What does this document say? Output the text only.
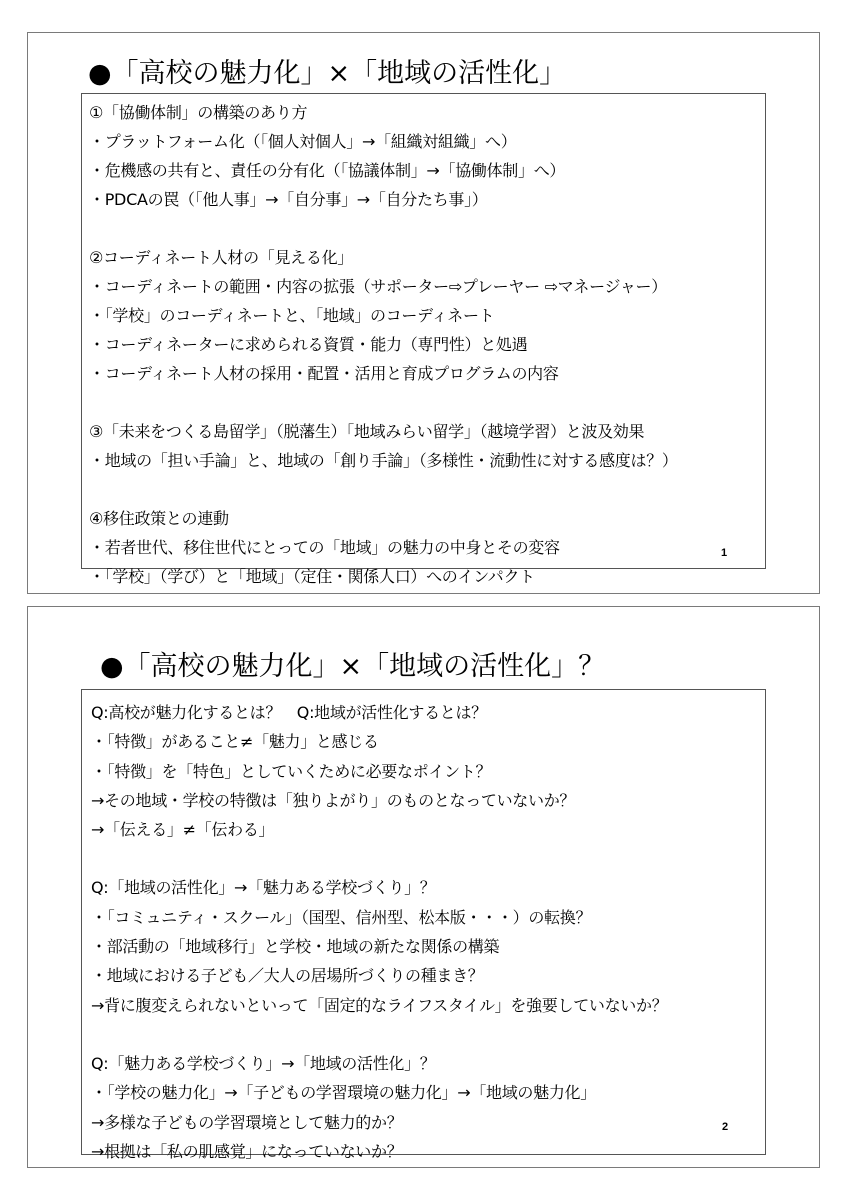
●「高校の魅力化」×「地域の活性化」
①「協働体制」の構築のあり方
・プラットフォーム化（「個人対個人」→「組織対組織」へ）
・危機感の共有と、責任の分有化（「協議体制」→「協働体制」へ）
・PDCAの罠（「他人事」→「自分事」→「自分たち事」）
②コーディネート人材の「見える化」
・コーディネートの範囲・内容の拡張（サポーター⇨プレーヤー ⇨マネージャー）
・「学校」のコーディネートと、「地域」のコーディネート
・コーディネーターに求められる資質・能力（専門性）と処遇
・コーディネート人材の採用・配置・活用と育成プログラムの内容
③「未来をつくる島留学」（脱藩生）「地域みらい留学」（越境学習）と波及効果
・地域の「担い手論」と、地域の「創り手論」（多様性・流動性に対する感度は？）
④移住政策との連動
・若者世代、移住世代にとっての「地域」の魅力の中身とその変容
・「学校」（学び）と「地域」（定住・関係人口）へのインパクト
1
●「高校の魅力化」×「地域の活性化」？
Q:高校が魅力化するとは？　Q:地域が活性化するとは？
・「特徴」があること≠「魅力」と感じる
・「特徴」を「特色」としていくために必要なポイント？
→その地域・学校の特徴は「独りよがり」のものとなっていないか？
→「伝える」≠「伝わる」
Q:「地域の活性化」→「魅力ある学校づくり」？
・「コミュニティ・スクール」（国型、信州型、松本版・・・）の転換？
・部活動の「地域移行」と学校・地域の新たな関係の構築
・地域における子ども／大人の居場所づくりの種まき？
→背に腹変えられないといって「固定的なライフスタイル」を強要していないか？
Q:「魅力ある学校づくり」→「地域の活性化」？
・「学校の魅力化」→「子どもの学習環境の魅力化」→「地域の魅力化」
→多様な子どもの学習環境として魅力的か？
→根拠は「私の肌感覚」になっていないか？
2
